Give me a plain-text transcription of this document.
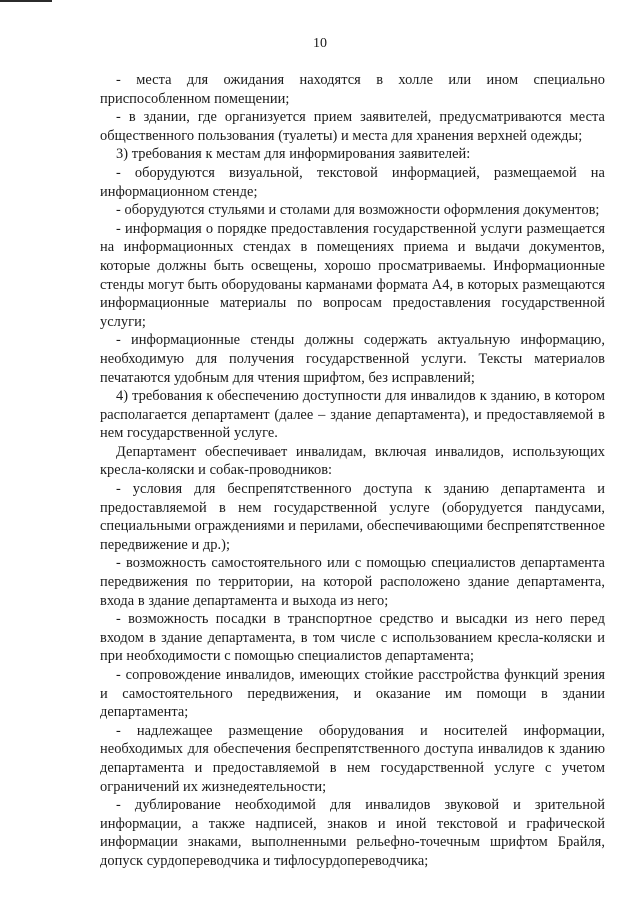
10

- места для ожидания находятся в холле или ином специально приспособленном помещении;

- в здании, где организуется прием заявителей, предусматриваются места общественного пользования (туалеты) и места для хранения верхней одежды;

3) требования к местам для информирования заявителей:

- оборудуются визуальной, текстовой информацией, размещаемой на информационном стенде;

- оборудуются стульями и столами для возможности оформления документов;

- информация о порядке предоставления государственной услуги размещается на информационных стендах в помещениях приема и выдачи документов, которые должны быть освещены, хорошо просматриваемы. Информационные стенды могут быть оборудованы карманами формата А4, в которых размещаются информационные материалы по вопросам предоставления государственной услуги;

- информационные стенды должны содержать актуальную информацию, необходимую для получения государственной услуги. Тексты материалов печатаются удобным для чтения шрифтом, без исправлений;

4) требования к обеспечению доступности для инвалидов к зданию, в котором располагается департамент (далее – здание департамента), и предоставляемой в нем государственной услуге.

Департамент обеспечивает инвалидам, включая инвалидов, использующих кресла-коляски и собак-проводников:

- условия для беспрепятственного доступа к зданию департамента и предоставляемой в нем государственной услуге (оборудуется пандусами, специальными ограждениями и перилами, обеспечивающими беспрепятственное передвижение и др.);

- возможность самостоятельного или с помощью специалистов департамента передвижения по территории, на которой расположено здание департамента, входа в здание департамента и выхода из него;

- возможность посадки в транспортное средство и высадки из него перед входом в здание департамента, в том числе с использованием кресла-коляски и при необходимости с помощью специалистов департамента;

- сопровождение инвалидов, имеющих стойкие расстройства функций зрения и самостоятельного передвижения, и оказание им помощи в здании департамента;

- надлежащее размещение оборудования и носителей информации, необходимых для обеспечения беспрепятственного доступа инвалидов к зданию департамента и предоставляемой в нем государственной услуге с учетом ограничений их жизнедеятельности;

- дублирование необходимой для инвалидов звуковой и зрительной информации, а также надписей, знаков и иной текстовой и графической информации знаками, выполненными рельефно-точечным шрифтом Брайля, допуск сурдопереводчика и тифлосурдопереводчика;
